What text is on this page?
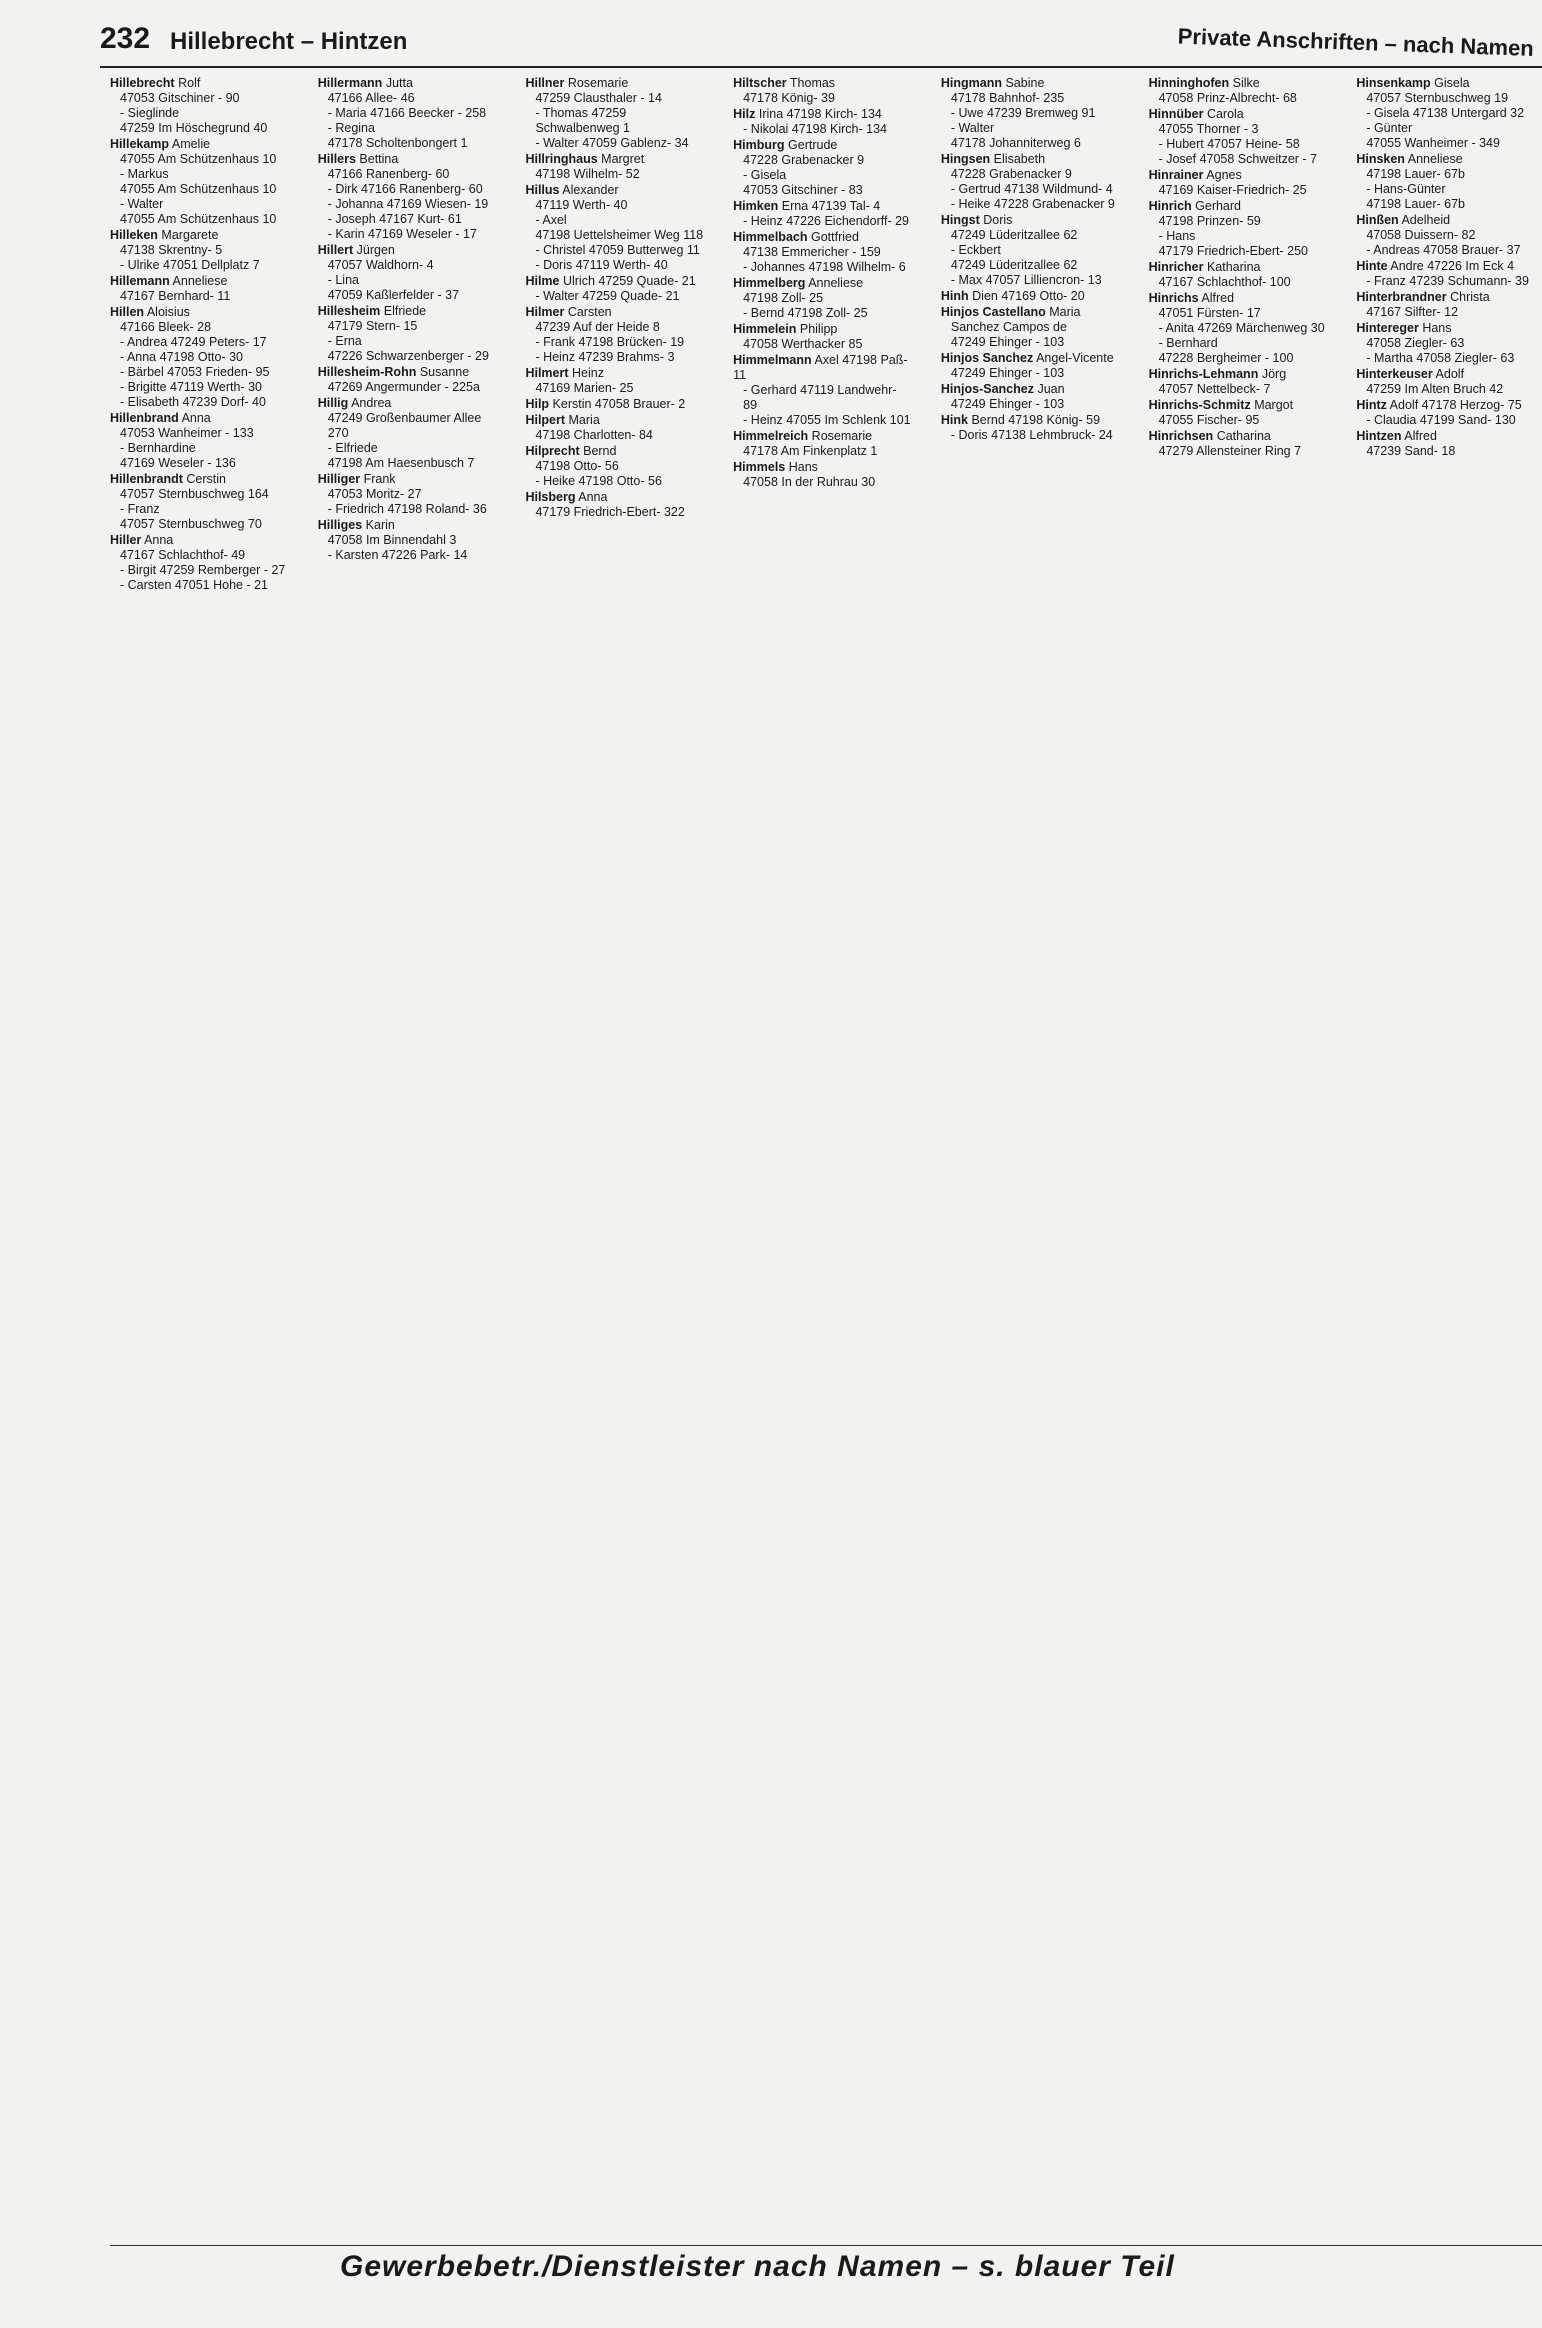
232 Hillebrecht – Hintzen	Private Anschriften – nach Namen
Hillebrecht Rolf
47053 Gitschiner - 90
- Sieglinde
47259 Im Höschegrund 40
Hillekamp Amelie
47055 Am Schützenhaus 10
- Markus
47055 Am Schützenhaus 10
- Walter
47055 Am Schützenhaus 10
Hilleken Margarete
47138 Skrentny- 5
- Ulrike 47051 Dellplatz 7
Hillemann Anneliese
47167 Bernhard- 11
Hillen Aloisius
47166 Bleek- 28
- Andrea 47249 Peters- 17
- Anna 47198 Otto- 30
- Bärbel 47053 Frieden- 95
- Brigitte 47119 Werth- 30
- Elisabeth 47239 Dorf- 40
Hillenbrand Anna
47053 Wanheimer - 133
- Bernhardine
47169 Weseler - 136
Hillenbrandt Cerstin
47057 Sternbuschweg 164
- Franz
47057 Sternbuschweg 70
Hiller Anna
47167 Schlachthof- 49
- Birgit 47259 Remberger - 27
- Carsten 47051 Hohe - 21
Hillermann Jutta
47166 Allee- 46
- Maria 47166 Beecker - 258
- Regina
47178 Scholtenbongert 1
Hillers Bettina
47166 Ranenberg- 60
- Dirk 47166 Ranenberg- 60
- Johanna 47169 Wiesen- 19
- Joseph 47167 Kurt- 61
- Karin 47169 Weseler - 17
Hillert Jürgen
47057 Waldhorn- 4
- Lina
47059 Kaßlerfelder - 37
Hillesheim Elfriede
47179 Stern- 15
- Erna
47226 Schwarzenberger - 29
Hillesheim-Rohn Susanne
47269 Angermunder - 225a
Hillig Andrea
47249 Großenbaumer Allee 270
- Elfriede
47198 Am Haesenbusch 7
Hilliger Frank
47053 Moritz- 27
- Friedrich 47198 Roland- 36
Hilliges Karin
47058 Im Binnendahl 3
- Karsten 47226 Park- 14
Hillner Rosemarie
47259 Clausthaler - 14
- Thomas 47259 Schwalbenweg 1
- Walter 47059 Gablenz- 34
Hillringhaus Margret
47198 Wilhelm- 52
Hillus Alexander
47119 Werth- 40
- Axel
47198 Uettelsheimer Weg 118
- Christel 47059 Butterweg 11
- Doris 47119 Werth- 40
Hilme Ulrich 47259 Quade- 21
- Walter 47259 Quade- 21
Hilmer Carsten
47239 Auf der Heide 8
- Frank 47198 Brücken- 19
- Heinz 47239 Brahms- 3
Hilmert Heinz
47169 Marien- 25
Hilp Kerstin 47058 Brauer- 2
Hilpert Maria
47198 Charlotten- 84
Hilprecht Bernd
47198 Otto- 56
- Heike 47198 Otto- 56
Hilsberg Anna
47179 Friedrich-Ebert- 322
Hiltscher Thomas
47178 König- 39
Hilz Irina 47198 Kirch- 134
- Nikolai 47198 Kirch- 134
Himburg Gertrude
47228 Grabenacker 9
- Gisela
47053 Gitschiner - 83
Himken Erna 47139 Tal- 4
- Heinz 47226 Eichendorff- 29
Himmelbach Gottfried
47138 Emmericher - 159
- Johannes 47198 Wilhelm- 6
Himmelberg Anneliese
47198 Zoll- 25
- Bernd 47198 Zoll- 25
Himmelein Philipp
47058 Werthacker 85
Himmelmann Axel 47198 Paß- 11
- Gerhard 47119 Landwehr- 89
- Heinz 47055 Im Schlenk 101
Himmelreich Rosemarie
47178 Am Finkenplatz 1
Himmels Hans
47058 In der Ruhrau 30
Hingmann Sabine
47178 Bahnhof- 235
- Uwe 47239 Bremweg 91
- Walter
47178 Johanniterweg 6
Hingsen Elisabeth
47228 Grabenacker 9
- Gertrud 47138 Wildmund- 4
- Heike 47228 Grabenacker 9
Hingst Doris
47249 Lüderitzallee 62
- Eckbert
47249 Lüderitzallee 62
- Max 47057 Lilliencron- 13
Hinh Dien 47169 Otto- 20
Hinjos Castellano Maria
Sanchez Campos de
47249 Ehinger - 103
Hinjos Sanchez Angel-Vicente
47249 Ehinger - 103
Hinjos-Sanchez Juan
47249 Ehinger - 103
Hink Bernd 47198 König- 59
- Doris 47138 Lehmbruck- 24
Hinninghofen Silke
47058 Prinz-Albrecht- 68
Hinnüber Carola
47055 Thorner - 3
- Hubert 47057 Heine- 58
- Josef 47058 Schweitzer - 7
Hinrainer Agnes
47169 Kaiser-Friedrich- 25
Hinrich Gerhard
47198 Prinzen- 59
- Hans
47179 Friedrich-Ebert- 250
Hinricher Katharina
47167 Schlachthof- 100
Hinrichs Alfred
47051 Fürsten- 17
- Anita 47269 Märchenweg 30
- Bernhard
47228 Bergheimer - 100
Hinrichs-Lehmann Jörg
47057 Nettelbeck- 7
Hinrichs-Schmitz Margot
47055 Fischer- 95
Hinrichsen Catharina
47279 Allensteiner Ring 7
Hinsenkamp Gisela
47057 Sternbuschweg 19
- Gisela 47138 Untergard 32
- Günter
47055 Wanheimer - 349
Hinsken Anneliese
47198 Lauer- 67b
- Hans-Günter
47198 Lauer- 67b
Hinßen Adelheid
47058 Duissern- 82
- Andreas 47058 Brauer- 37
Hinte Andre 47226 Im Eck 4
- Franz 47239 Schumann- 39
Hinterbrandner Christa
47167 Silfter- 12
Hintereger Hans
47058 Ziegler- 63
- Martha 47058 Ziegler- 63
Hinterkeuser Adolf
47259 Im Alten Bruch 42
Hintz Adolf 47178 Herzog- 75
- Claudia 47199 Sand- 130
Hintzen Alfred
47239 Sand- 18
Gewerbebetr./Dienstleister nach Namen – s. blauer Teil
